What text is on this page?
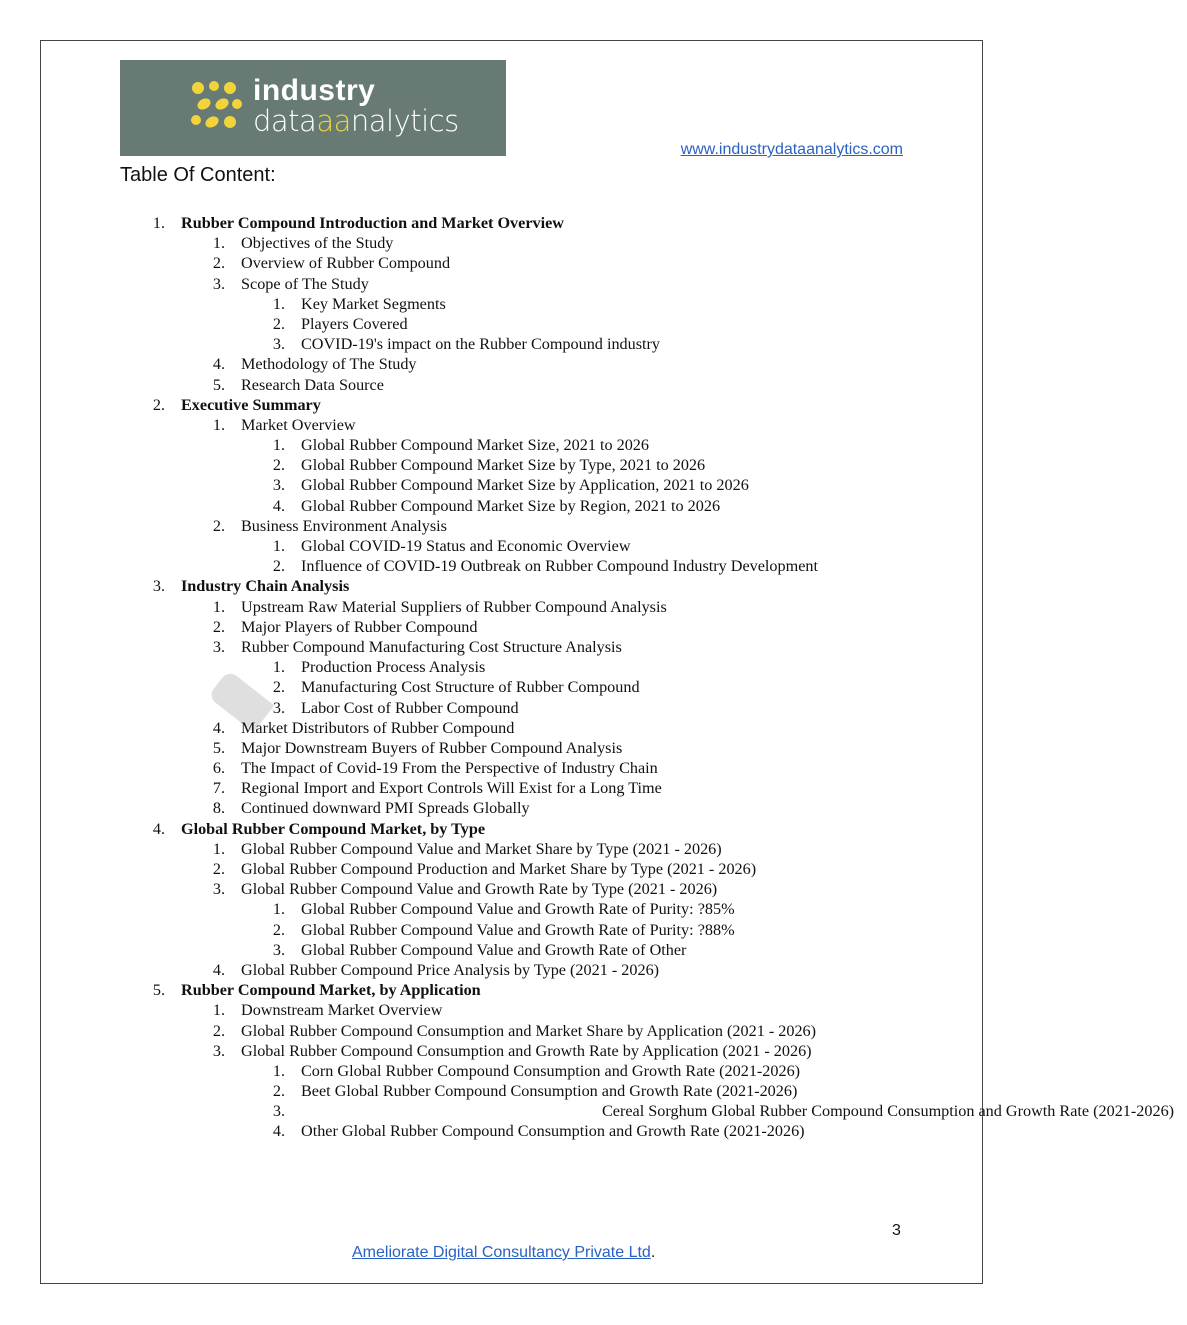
industry
dataaanalytics
www.industrydataanalytics.com
Table Of Content:
1. Rubber Compound Introduction and Market Overview
1. Objectives of the Study
2. Overview of Rubber Compound
3. Scope of The Study
1. Key Market Segments
2. Players Covered
3. COVID-19's impact on the Rubber Compound industry
4. Methodology of The Study
5. Research Data Source
2. Executive Summary
1. Market Overview
1. Global Rubber Compound Market Size, 2021 to 2026
2. Global Rubber Compound Market Size by Type, 2021 to 2026
3. Global Rubber Compound Market Size by Application, 2021 to 2026
4. Global Rubber Compound Market Size by Region, 2021 to 2026
2. Business Environment Analysis
1. Global COVID-19 Status and Economic Overview
2. Influence of COVID-19 Outbreak on Rubber Compound Industry Development
3. Industry Chain Analysis
1. Upstream Raw Material Suppliers of Rubber Compound Analysis
2. Major Players of Rubber Compound
3. Rubber Compound Manufacturing Cost Structure Analysis
1. Production Process Analysis
2. Manufacturing Cost Structure of Rubber Compound
3. Labor Cost of Rubber Compound
4. Market Distributors of Rubber Compound
5. Major Downstream Buyers of Rubber Compound Analysis
6. The Impact of Covid-19 From the Perspective of Industry Chain
7. Regional Import and Export Controls Will Exist for a Long Time
8. Continued downward PMI Spreads Globally
4. Global Rubber Compound Market, by Type
1. Global Rubber Compound Value and Market Share by Type (2021 - 2026)
2. Global Rubber Compound Production and Market Share by Type (2021 - 2026)
3. Global Rubber Compound Value and Growth Rate by Type (2021 - 2026)
1. Global Rubber Compound Value and Growth Rate of Purity: ?85%
2. Global Rubber Compound Value and Growth Rate of Purity: ?88%
3. Global Rubber Compound Value and Growth Rate of Other
4. Global Rubber Compound Price Analysis by Type (2021 - 2026)
5. Rubber Compound Market, by Application
1. Downstream Market Overview
2. Global Rubber Compound Consumption and Market Share by Application (2021 - 2026)
3. Global Rubber Compound Consumption and Growth Rate by Application (2021 - 2026)
1. Corn Global Rubber Compound Consumption and Growth Rate (2021-2026)
2. Beet Global Rubber Compound Consumption and Growth Rate (2021-2026)
3.	Cereal Sorghum Global Rubber Compound Consumption and Growth Rate (2021-2026)
4. Other Global Rubber Compound Consumption and Growth Rate (2021-2026)
3
Ameliorate Digital Consultancy Private Ltd.
